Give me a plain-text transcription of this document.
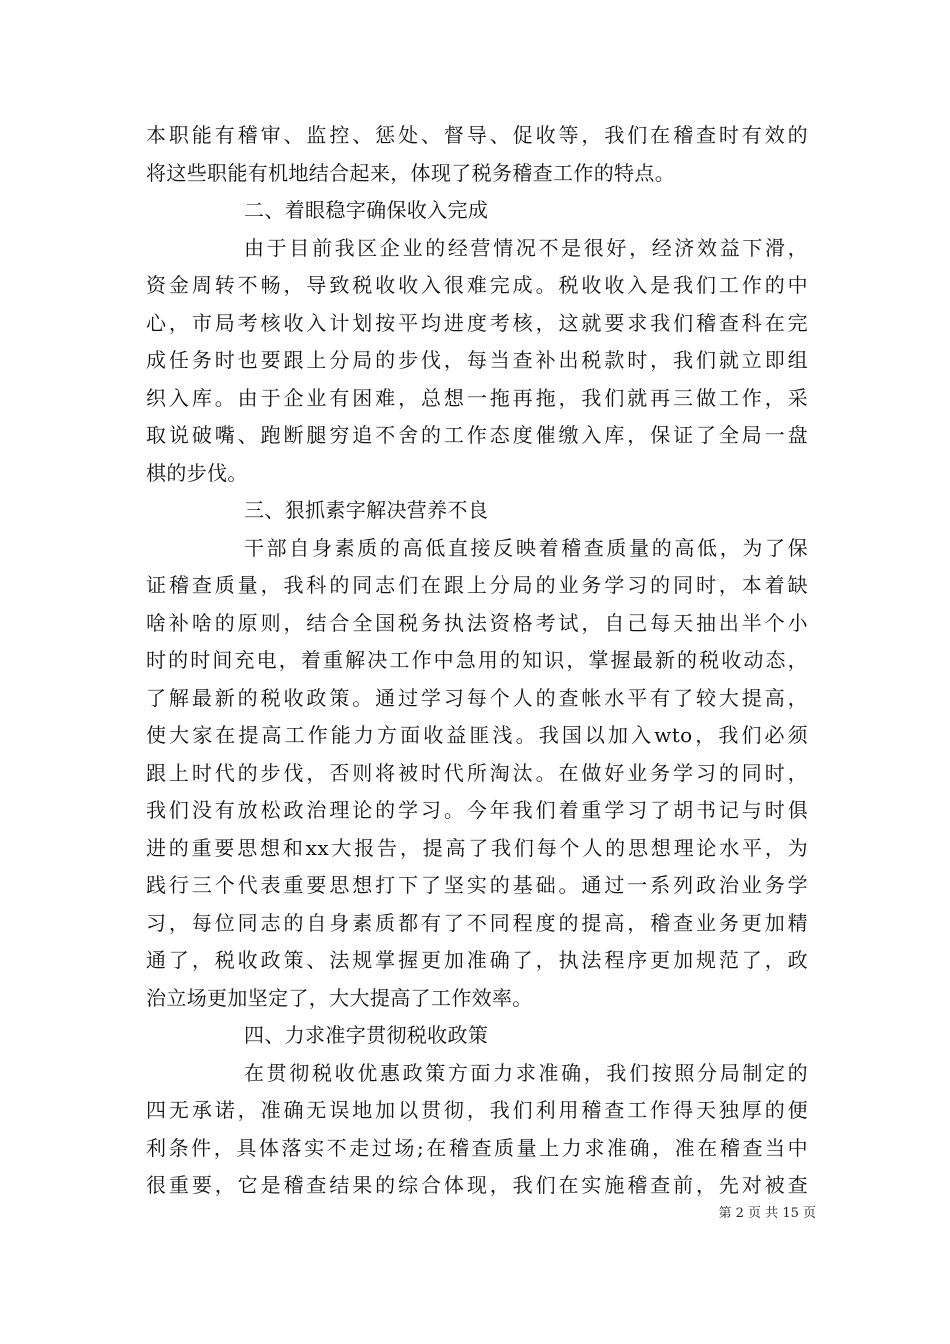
本职能有稽审、监控、惩处、督导、促收等，我们在稽查时有效的
将这些职能有机地结合起来，体现了税务稽查工作的特点。
二、着眼稳字确保收入完成
由于目前我区企业的经营情况不是很好，经济效益下滑，
资金周转不畅，导致税收收入很难完成。税收收入是我们工作的中
心，市局考核收入计划按平均进度考核，这就要求我们稽查科在完
成任务时也要跟上分局的步伐，每当查补出税款时，我们就立即组
织入库。由于企业有困难，总想一拖再拖，我们就再三做工作，采
取说破嘴、跑断腿穷追不舍的工作态度催缴入库，保证了全局一盘
棋的步伐。
三、狠抓素字解决营养不良
干部自身素质的高低直接反映着稽查质量的高低，为了保
证稽查质量，我科的同志们在跟上分局的业务学习的同时，本着缺
啥补啥的原则，结合全国税务执法资格考试，自己每天抽出半个小
时的时间充电，着重解决工作中急用的知识，掌握最新的税收动态，
了解最新的税收政策。通过学习每个人的查帐水平有了较大提高，
使大家在提高工作能力方面收益匪浅。我国以加入wto，我们必须
跟上时代的步伐，否则将被时代所淘汰。在做好业务学习的同时，
我们没有放松政治理论的学习。今年我们着重学习了胡书记与时俱
进的重要思想和xx大报告，提高了我们每个人的思想理论水平，为
践行三个代表重要思想打下了坚实的基础。通过一系列政治业务学
习，每位同志的自身素质都有了不同程度的提高，稽查业务更加精
通了，税收政策、法规掌握更加准确了，执法程序更加规范了，政
治立场更加坚定了，大大提高了工作效率。
四、力求准字贯彻税收政策
在贯彻税收优惠政策方面力求准确，我们按照分局制定的
四无承诺，准确无误地加以贯彻，我们利用稽查工作得天独厚的便
利条件，具体落实不走过场;在稽查质量上力求准确，准在稽查当中
很重要，它是稽查结果的综合体现，我们在实施稽查前，先对被查
第 2 页 共 15 页
